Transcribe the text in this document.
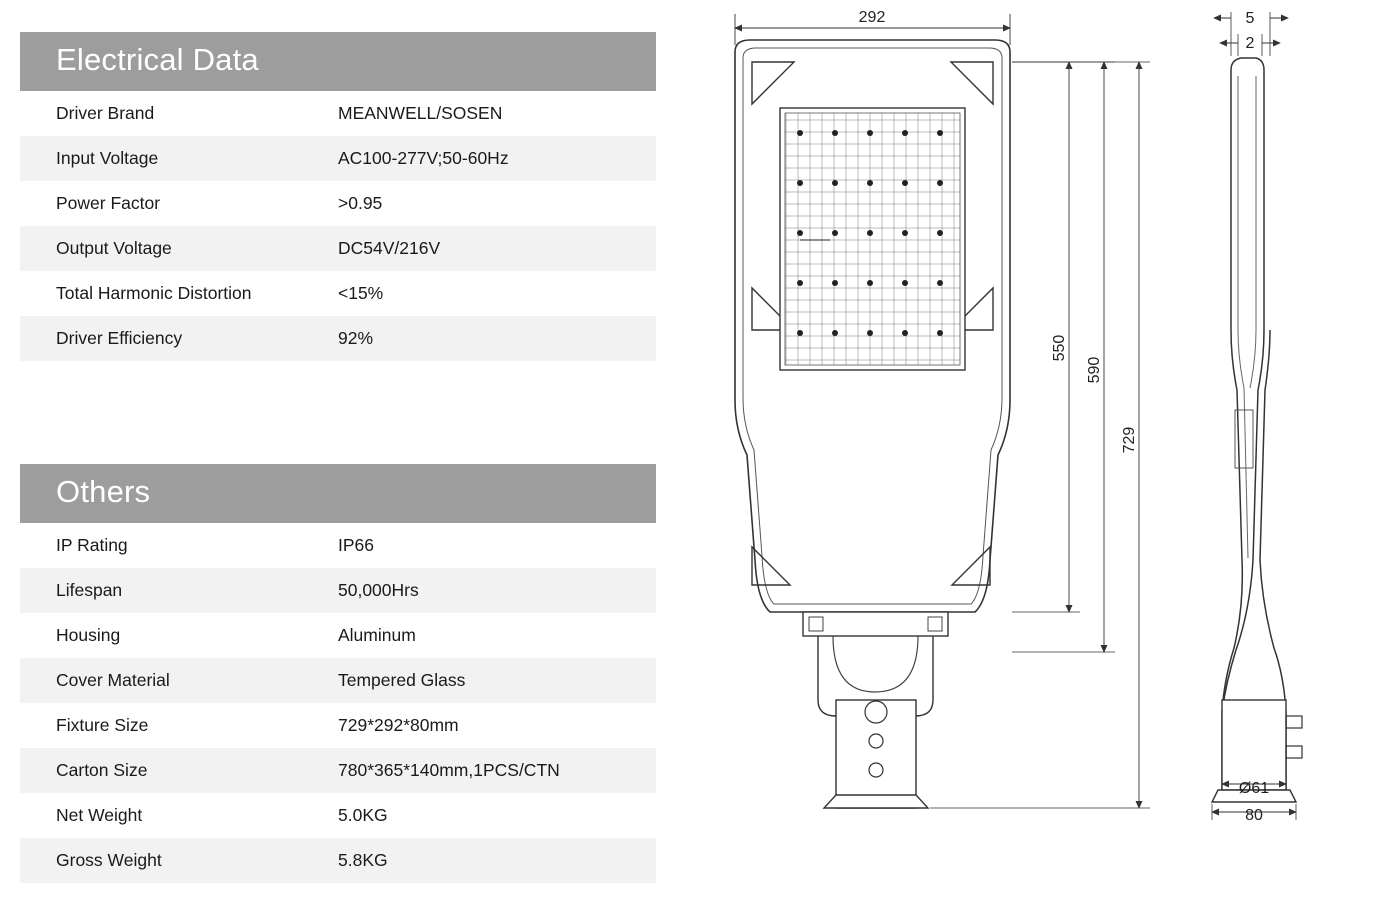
Electrical Data
Driver Brand	MEANWELL/SOSEN
Input Voltage	AC100-277V;50-60Hz
Power Factor	>0.95
Output Voltage	DC54V/216V
Total Harmonic Distortion	<15%
Driver Efficiency	92%
Others
IP Rating	IP66
Lifespan	50,000Hrs
Housing	Aluminum
Cover Material	Tempered Glass
Fixture Size	729*292*80mm
Carton Size	780*365*140mm,1PCS/CTN
Net Weight	5.0KG
Gross Weight	5.8KG
292
550
590
729
5
2
Ø61
80
